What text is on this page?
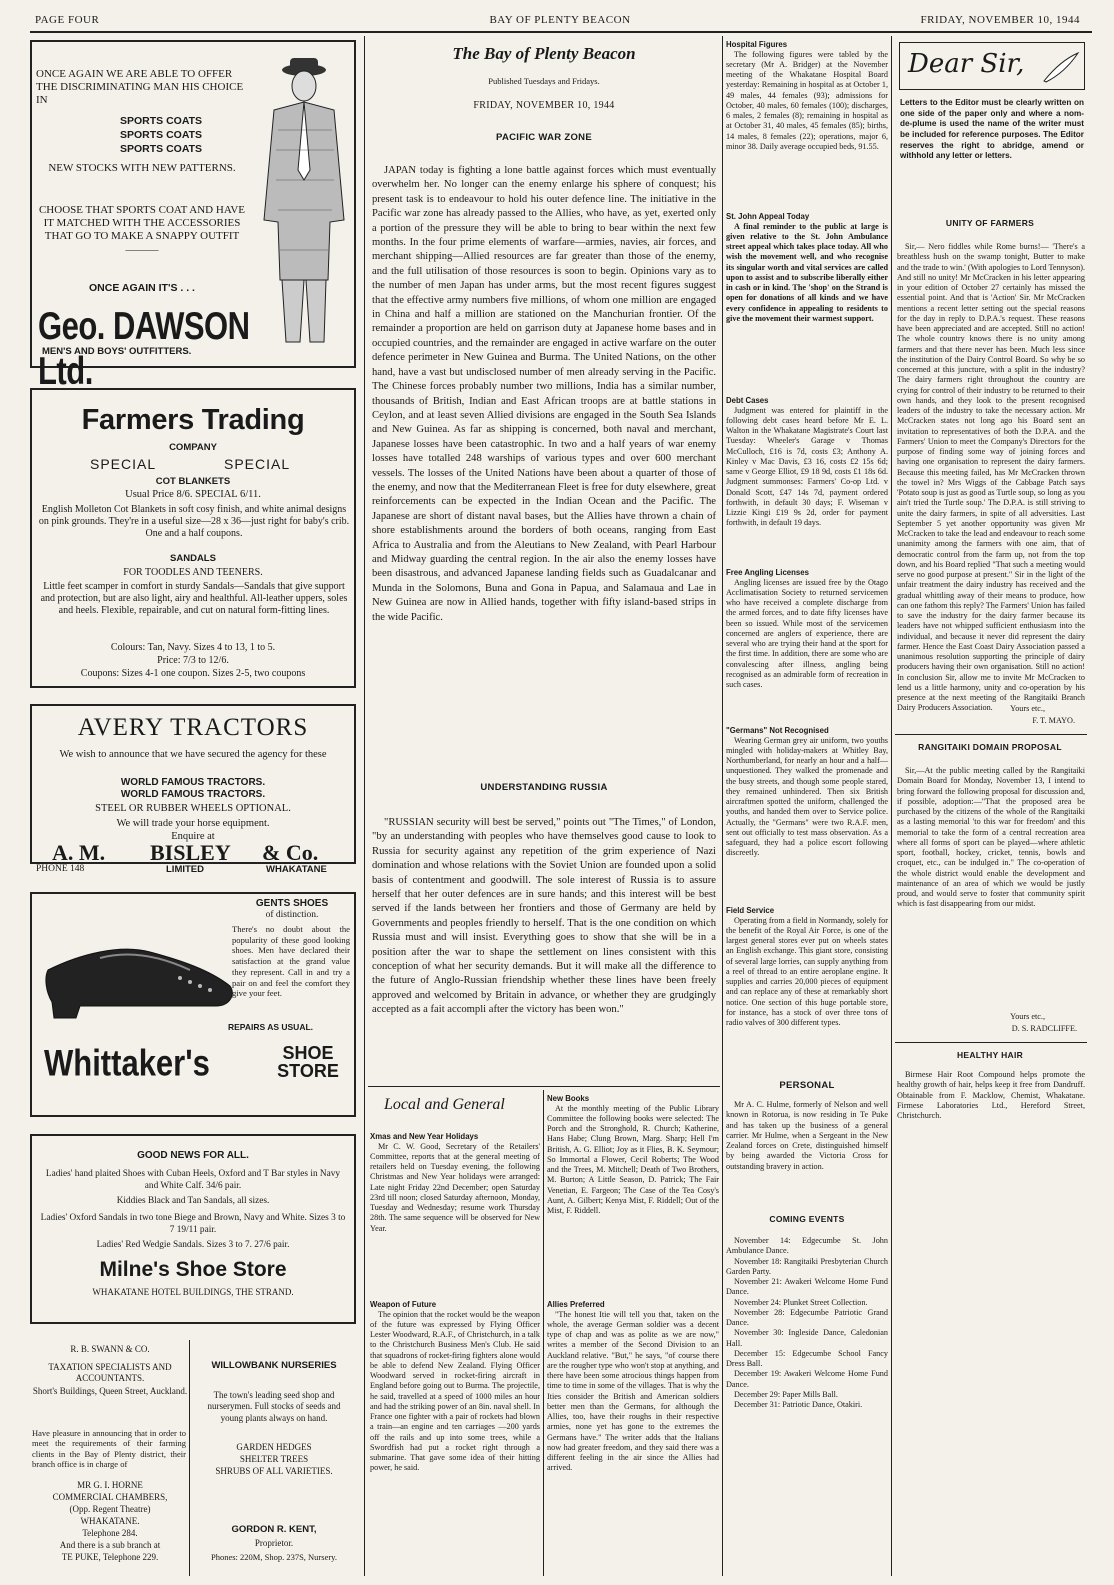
PAGE FOUR	BAY OF PLENTY BEACON	FRIDAY, NOVEMBER 10, 1944
ONCE AGAIN WE ARE ABLE TO OFFER THE DISCRIMINATING MAN HIS CHOICE IN
SPORTS COATS
SPORTS COATS
SPORTS COATS
NEW STOCKS WITH NEW PATTERNS.
CHOOSE THAT SPORTS COAT AND HAVE IT MATCHED WITH THE ACCESSORIES THAT GO TO MAKE A SNAPPY OUTFIT———
ONCE AGAIN IT'S . . .
Geo. DAWSON Ltd.
MEN'S AND BOYS' OUTFITTERS.
Farmers Trading
COMPANY
SPECIAL	SPECIAL
COT BLANKETS
Usual Price 8/6. SPECIAL 6/11.
English Molleton Cot Blankets in soft cosy finish, and white animal designs on pink grounds. They're in a useful size—28 x 36—just right for baby's crib. One and a half coupons.
SANDALS
FOR TOODLES AND TEENERS.
Little feet scamper in comfort in sturdy Sandals—Sandals that give support and protection, but are also light, airy and healthful. All-leather uppers, soles and heels. Flexible, repairable, and cut on natural form-fitting lines.
Colours: Tan, Navy. Sizes 4 to 13, 1 to 5.
Price: 7/3 to 12/6.
Coupons: Sizes 4-1 one coupon. Sizes 2-5, two coupons
AVERY TRACTORS
We wish to announce that we have secured the agency for these
WORLD FAMOUS TRACTORS.
WORLD FAMOUS TRACTORS.
STEEL OR RUBBER WHEELS OPTIONAL.
We will trade your horse equipment.
Enquire at
A. M. BISLEY & Co.
PHONE 148	LIMITED	WHAKATANE
GENTS SHOES
of distinction.
There's no doubt about the popularity of these good looking shoes. Men have declared their satisfaction at the grand value they represent. Call in and try a pair on and feel the comfort they give your feet.
REPAIRS AS USUAL.
Whittaker's	SHOE
STORE
GOOD NEWS FOR ALL.
Ladies' hand plaited Shoes with Cuban Heels, Oxford and T Bar styles in Navy and White Calf. 34/6 pair.
Kiddies Black and Tan Sandals, all sizes.
Ladies' Oxford Sandals in two tone Biege and Brown, Navy and White. Sizes 3 to 7 19/11 pair.
Ladies' Red Wedgie Sandals. Sizes 3 to 7. 27/6 pair.
Milne's Shoe Store
WHAKATANE HOTEL BUILDINGS, THE STRAND.
R. B. SWANN & CO.
TAXATION SPECIALISTS AND ACCOUNTANTS.
Short's Buildings, Queen Street, Auckland.
Have pleasure in announcing that in order to meet the requirements of their farming clients in the Bay of Plenty district, their branch office is in charge of
MR G. I. HORNE
COMMERCIAL CHAMBERS,
(Opp. Regent Theatre)
WHAKATANE.
Telephone 284.
And there is a sub branch at
TE PUKE, Telephone 229.
WILLOWBANK NURSERIES
The town's leading seed shop and nurserymen. Full stocks of seeds and young plants always on hand.
GARDEN HEDGES
SHELTER TREES
SHRUBS OF ALL VARIETIES.
GORDON R. KENT,
Proprietor.
Phones: 220M, Shop. 237S, Nursery.
The Bay of Plenty Beacon
Published Tuesdays and Fridays.
FRIDAY, NOVEMBER 10, 1944
PACIFIC WAR ZONE
JAPAN today is fighting a lone battle against forces which must eventually overwhelm her. No longer can the enemy enlarge his sphere of conquest; his present task is to endeavour to hold his outer defence line. The initiative in the Pacific war zone has already passed to the Allies, who have, as yet, exerted only a portion of the pressure they will be able to bring to bear within the next few months. In the four prime elements of warfare—armies, navies, air forces, and merchant shipping—Allied resources are far greater than those of the enemy, and the full utilisation of those resources is soon to begin. Opinions vary as to the number of men Japan has under arms, but the most recent figures suggest that the effective army numbers five millions, of whom one million are engaged in China and half a million are stationed on the Manchurian frontier. Of the remainder a proportion are held on garrison duty at Japanese home bases and in occupied countries, and the remainder are engaged in active warfare on the outer defence perimeter in New Guinea and Burma. The United Nations, on the other hand, have a vast but undisclosed number of men already serving in the Pacific. The Chinese forces probably number two millions, India has a similar number, thousands of British, Indian and East African troops are at battle stations in Ceylon, and at least seven Allied divisions are engaged in the South Sea Islands and New Guinea. As far as shipping is concerned, both naval and merchant, Japanese losses have been catastrophic. In two and a half years of war enemy losses have totalled 248 warships of various types and over 600 merchant vessels. The losses of the United Nations have been about a quarter of those of the enemy, and now that the Mediterranean Fleet is free for duty elsewhere, great reinforcements can be expected in the Indian Ocean and the Pacific. The Japanese are short of distant naval bases, but the Allies have thrown a chain of shore establishments around the borders of both oceans, ranging from East Africa to Australia and from the Aleutians to New Zealand, with Pearl Harbour and Midway guarding the central region. In the air also the enemy losses have been disastrous, and advanced Japanese landing fields such as Guadalcanar and Munda in the Solomons, Buna and Gona in Papua, and Salamaua and Lae in New Guinea are now in Allied hands, together with fifty island-based strips in the wide Pacific.
UNDERSTANDING RUSSIA
"RUSSIAN security will best be served," points out "The Times," of London, "by an understanding with peoples who have themselves good cause to look to Russia for security against any repetition of the grim experience of Nazi domination and whose relations with the Soviet Union are founded upon a solid basis of contentment and goodwill. The sole interest of Russia is to assure herself that her outer defences are in sure hands; and this interest will be best served if the lands between her frontiers and those of Germany are held by Governments and peoples friendly to herself. That is the one condition on which Russia must and will insist. Everything goes to show that she will be in a position after the war to shape the settlement on lines consistent with this conception of what her security demands. But it will make all the difference to the future of Anglo-Russian friendship whether these lines have been freely approved and welcomed by Britain in advance, or whether they are grudgingly accepted as a fait accompli after the victory has been won."
Local and General
Xmas and New Year Holidays

Mr C. W. Good, Secretary of the Retailers' Committee, reports that at the general meeting of retailers held on Tuesday evening, the following Christmas and New Year holidays were arranged: Late night Friday 22nd December; open Saturday 23rd till noon; closed Saturday afternoon, Monday, Tuesday and Wednesday; resume work Thursday 28th. The same sequence will be observed for New Year.

Weapon of Future

The opinion that the rocket would be the weapon of the future was expressed by Flying Officer Lester Woodward, R.A.F., of Christchurch, in a talk to the Christchurch Business Men's Club. He said that squadrons of rocket-firing fighters alone would be able to defend New Zealand. Flying Officer Woodward served in rocket-firing aircraft in England before going out to Burma. The projectile, he said, travelled at a speed of 1000 miles an hour and had the striking power of an 8in. naval shell. In France one fighter with a pair of rockets had blown a train—an engine and ten carriages —200 yards off the rails and up into some trees, while a Swordfish had put a rocket right through a submarine. That gave some idea of their hitting power, he said.

New Books

At the monthly meeting of the Public Library Committee the following books were selected: The Porch and the Stronghold, R. Church; Katherine, Hans Habe; Clung Brown, Marg. Sharp; Hell I'm British, A. G. Elliot; Joy as it Flies, B. K. Seymour; So Immortal a Flower, Cecil Roberts; The Wood and the Trees, M. Mitchell; Death of Two Brothers, M. Burton; A Little Season, D. Patrick; The Fair Venetian, E. Fargeon; The Case of the Tea Cosy's Aunt, A. Gilbert; Kenya Mist, F. Riddell; Out of the Mist, F. Riddell.

Allies Preferred

"The honest Itie will tell you that, taken on the whole, the average German soldier was a decent type of chap and was as polite as we are now," writes a member of the Second Division to an Auckland relative. "But," he says, "of course there are the rougher type who won't stop at anything, and there have been some atrocious things happen from time to time in some of the villages. That is why the Ities consider the British and American soldiers better men than the Germans, for although the Allies, too, have their roughs in their respective armies, none yet has gone to the extremes the Germans have." The writer adds that the Italians now had greater freedom, and they said there was a different feeling in the air since the Allies had arrived.

Hospital Figures

The following figures were tabled by the secretary (Mr A. Bridger) at the November meeting of the Whakatane Hospital Board yesterday: Remaining in hospital as at October 1, 49 males, 44 females (93); admissions for October, 40 males, 60 females (100); discharges, 6 males, 2 females (8); remaining in hospital as at October 31, 40 males, 45 females (85); births, 14 males, 8 females (22); operations, major 6, minor 38. Daily average occupied beds, 91.55.

St. John Appeal Today

A final reminder to the public at large is given relative to the St. John Ambulance street appeal which takes place today. All who wish the movement well, and who recognise its singular worth and vital services are called upon to assist and to subscribe liberally either in cash or in kind. The 'shop' on the Strand is open for donations of all kinds and we have every confidence in appealing to residents to give the movement their warmest support.

Debt Cases

Judgment was entered for plaintiff in the following debt cases heard before Mr E. L. Walton in the Whakatane Magistrate's Court last Tuesday: Wheeler's Garage v Thomas McCulloch, £16 is 7d, costs £3; Anthony A. Kinley v Mac Davis, £3 16, costs £2 15s 6d; same v George Elliot, £9 18 9d, costs £1 18s 6d. Judgment summonses: Farmers' Co-op Ltd. v Donald Scott, £47 14s 7d, payment ordered forthwith, in default 30 days; F. Wiseman v Lizzie Kingi £19 9s 2d, order for payment forthwith, in default 19 days.

Free Angling Licenses

Angling licenses are issued free by the Otago Acclimatisation Society to returned servicemen who have received a complete discharge from the armed forces, and to date fifty licenses have been so issued. While most of the servicemen concerned are anglers of experience, there are several who are trying their hand at the sport for the first time. In addition, there are some who are convalescing after illness, angling being recognised as an admirable form of recreation in such cases.

"Germans" Not Recognised

Wearing German grey air uniform, two youths mingled with holiday-makers at Whitley Bay, Northumberland, for nearly an hour and a half—unquestioned. They walked the promenade and the busy streets, and though some people stared, they remained unhindered. Then six British aircraftmen spotted the uniform, challenged the youths, and handed them over to Service police. Actually, the "Germans" were two R.A.F. men, sent out officially to test mass observation. As a safeguard, they had a police escort following discreetly.

Field Service

Operating from a field in Normandy, solely for the benefit of the Royal Air Force, is one of the largest general stores ever put on wheels states an English exchange. This giant store, consisting of several large lorries, can supply anything from a reel of thread to an entire aeroplane engine. It supplies and carries 20,000 pieces of equipment and can replace any of these at remarkably short notice. One section of this huge portable store, for instance, has a stock of over three tons of radio valves of 300 different types.

PERSONAL
Mr A. C. Hulme, formerly of Nelson and well known in Rotorua, is now residing in Te Puke and has taken up the business of a general carrier. Mr Hulme, when a Sergeant in the New Zealand forces on Crete, distinguished himself by being awarded the Victoria Cross for outstanding bravery in action.
COMING EVENTS
November 14: Edgecumbe St. John Ambulance Dance.
November 18: Rangitaiki Presbyterian Church Garden Party.
November 21: Awakeri Welcome Home Fund Dance.
November 24: Plunket Street Collection.
November 28: Edgecumbe Patriotic Grand Dance.
November 30: Ingleside Dance, Caledonian Hall.
December 15: Edgecumbe School Fancy Dress Ball.
December 19: Awakeri Welcome Home Fund Dance.
December 29: Paper Mills Ball.
December 31: Patriotic Dance, Otakiri.
Dear Sir,
Letters to the Editor must be clearly written on one side of the paper only and where a nom-de-plume is used the name of the writer must be included for reference purposes. The Editor reserves the right to abridge, amend or withhold any letter or letters.
UNITY OF FARMERS
Sir,— Nero fiddles while Rome burns!— 'There's a breathless hush on the swamp tonight, Butter to make and the trade to win.' (With apologies to Lord Tennyson). And still no unity! Mr McCracken in his letter appearing in your edition of October 27 certainly has missed the essential point. And that is 'Action' Sir. Mr McCracken mentions a recent letter setting out the special reasons for the day in reply to D.P.A.'s request. These reasons have been appreciated and are accepted. Still no action! The whole country knows there is no unity among farmers and that there never has been. Much less since the institution of the Dairy Control Board. So why be so concerned at this juncture, with a split in the industry? The dairy farmers right throughout the country are crying for control of their industry to be returned to their own hands, and they look to the present recognised leaders of the industry to take the necessary action. Mr McCracken states not long ago his Board sent an invitation to representatives of both the D.P.A. and the Farmers' Union to meet the Company's Directors for the purpose of finding some way of joining forces and having one organisation to represent the dairy farmers. Because this meeting failed, has Mr McCracken thrown the towel in? Mrs Wiggs of the Cabbage Patch says 'Potato soup is just as good as Turtle soup, so long as you ain't tried the Turtle soup.' The D.P.A. is still striving to unite the dairy farmers, in spite of all adversities. Last September 5 yet another opportunity was given Mr McCracken to take the lead and endeavour to reach some unanimity among the farmers with one aim, that of democratic control from the farm up, not from the top down, and his Board replied "That such a meeting would serve no good purpose at present." Sir in the light of the unfair treatment the dairy industry has received and the gradual whittling away of their means to produce, how can one fathom this reply? The Farmers' Union has failed to save the industry for the dairy farmer because its leaders have not whipped sufficient enthusiasm into the individual, and because it never did represent the dairy farmer. Hence the East Coast Dairy Association passed a unanimous resolution supporting the principle of dairy producers having their own organisation. Still no action! In conclusion Sir, allow me to invite Mr McCracken to lend us a little harmony, unity and co-operation by his presence at the next meeting of the Rangitaiki Branch Dairy Producers Association.	Yours etc.,
F. T. MAYO.
RANGITAIKI DOMAIN PROPOSAL
Sir,—At the public meeting called by the Rangitaiki Domain Board for Monday, November 13, I intend to bring forward the following proposal for discussion and, if possible, adoption:—"That the proposed area be purchased by the citizens of the whole of the Rangitaiki as a lasting memorial 'to this war for freedom' and this memorial to take the form of a central recreation area where all forms of sport can be played—where athletic sport, football, hockey, cricket, tennis, bowls and croquet, etc., can be indulged in." The co-operation of the whole district would enable the development and maintenance of an area of which we would be justly proud, and would serve to foster that community spirit which is fast disappearing from our midst.
Yours etc.,
D. S. RADCLIFFE.
HEALTHY HAIR
Birmese Hair Root Compound helps promote the healthy growth of hair, helps keep it free from Dandruff. Obtainable from F. Macklow, Chemist, Whakatane. Firmese Laboratories Ltd., Hereford Street, Christchurch.
